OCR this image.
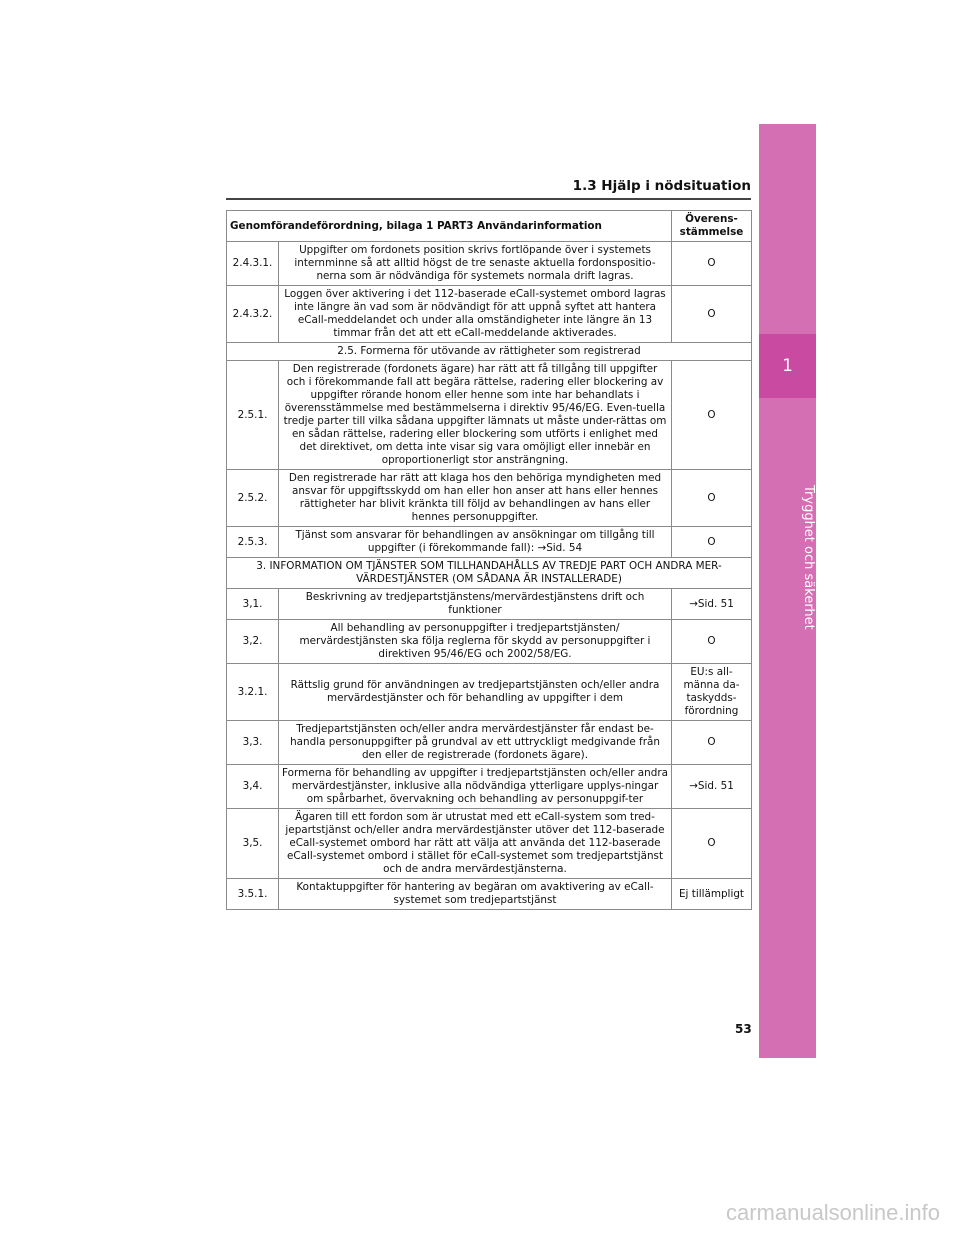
1
Trygghet och säkerhet
1.3 Hjälp i nödsituation
Genomförandeförordning, bilaga 1 PART3 Användarinformation		Överens-stämmelse
2.4.3.1.	Uppgifter om fordonets position skrivs fortlöpande över i systemets internminne så att alltid högst de tre senaste aktuella fordonspositio-nerna som är nödvändiga för systemets normala drift lagras.	O
2.4.3.2.	Loggen över aktivering i det 112-baserade eCall-systemet ombord lagras inte längre än vad som är nödvändigt för att uppnå syftet att hantera eCall-meddelandet och under alla omständigheter inte längre än 13 timmar från det att ett eCall-meddelande aktiverades.	O
2.5. Formerna för utövande av rättigheter som registrerad		
2.5.1.	Den registrerade (fordonets ägare) har rätt att få tillgång till uppgifter och i förekommande fall att begära rättelse, radering eller blockering av uppgifter rörande honom eller henne som inte har behandlats i överensstämmelse med bestämmelserna i direktiv 95/46/EG. Even-tuella tredje parter till vilka sådana uppgifter lämnats ut måste under-rättas om en sådan rättelse, radering eller blockering som utförts i enlighet med det direktivet, om detta inte visar sig vara omöjligt eller innebär en oproportionerligt stor ansträngning.	O
2.5.2.	Den registrerade har rätt att klaga hos den behöriga myndigheten med ansvar för uppgiftsskydd om han eller hon anser att hans eller hennes rättigheter har blivit kränkta till följd av behandlingen av hans eller hennes personuppgifter.	O
2.5.3.	Tjänst som ansvarar för behandlingen av ansökningar om tillgång till uppgifter (i förekommande fall): →Sid. 54	O
3. INFORMATION OM TJÄNSTER SOM TILLHANDAHÅLLS AV TREDJE PART OCH ANDRA MER-VÄRDESTJÄNSTER (OM SÅDANA ÄR INSTALLERADE)		
3,1.	Beskrivning av tredjepartstjänstens/mervärdestjänstens drift och funktioner	→Sid. 51
3,2.	All behandling av personuppgifter i tredjepartstjänsten/ mervärdestjänsten ska följa reglerna för skydd av personuppgifter i direktiven 95/46/EG och 2002/58/EG.	O
3.2.1.	Rättslig grund för användningen av tredjepartstjänsten och/eller andra mervärdestjänster och för behandling av uppgifter i dem	EU:s all-männa da-taskydds-förordning
3,3.	Tredjepartstjänsten och/eller andra mervärdestjänster får endast be-handla personuppgifter på grundval av ett uttryckligt medgivande från den eller de registrerade (fordonets ägare).	O
3,4.	Formerna för behandling av uppgifter i tredjepartstjänsten och/eller andra mervärdestjänster, inklusive alla nödvändiga ytterligare upplys-ningar om spårbarhet, övervakning och behandling av personuppgif-ter	→Sid. 51
3,5.	Ägaren till ett fordon som är utrustat med ett eCall-system som tred-jepartstjänst och/eller andra mervärdestjänster utöver det 112-baserade eCall-systemet ombord har rätt att välja att använda det 112-baserade eCall-systemet ombord i stället för eCall-systemet som tredjepartstjänst och de andra mervärdestjänsterna.	O
3.5.1.	Kontaktuppgifter för hantering av begäran om avaktivering av eCall-systemet som tredjepartstjänst	Ej tillämpligt
53
carmanualsonline.info
